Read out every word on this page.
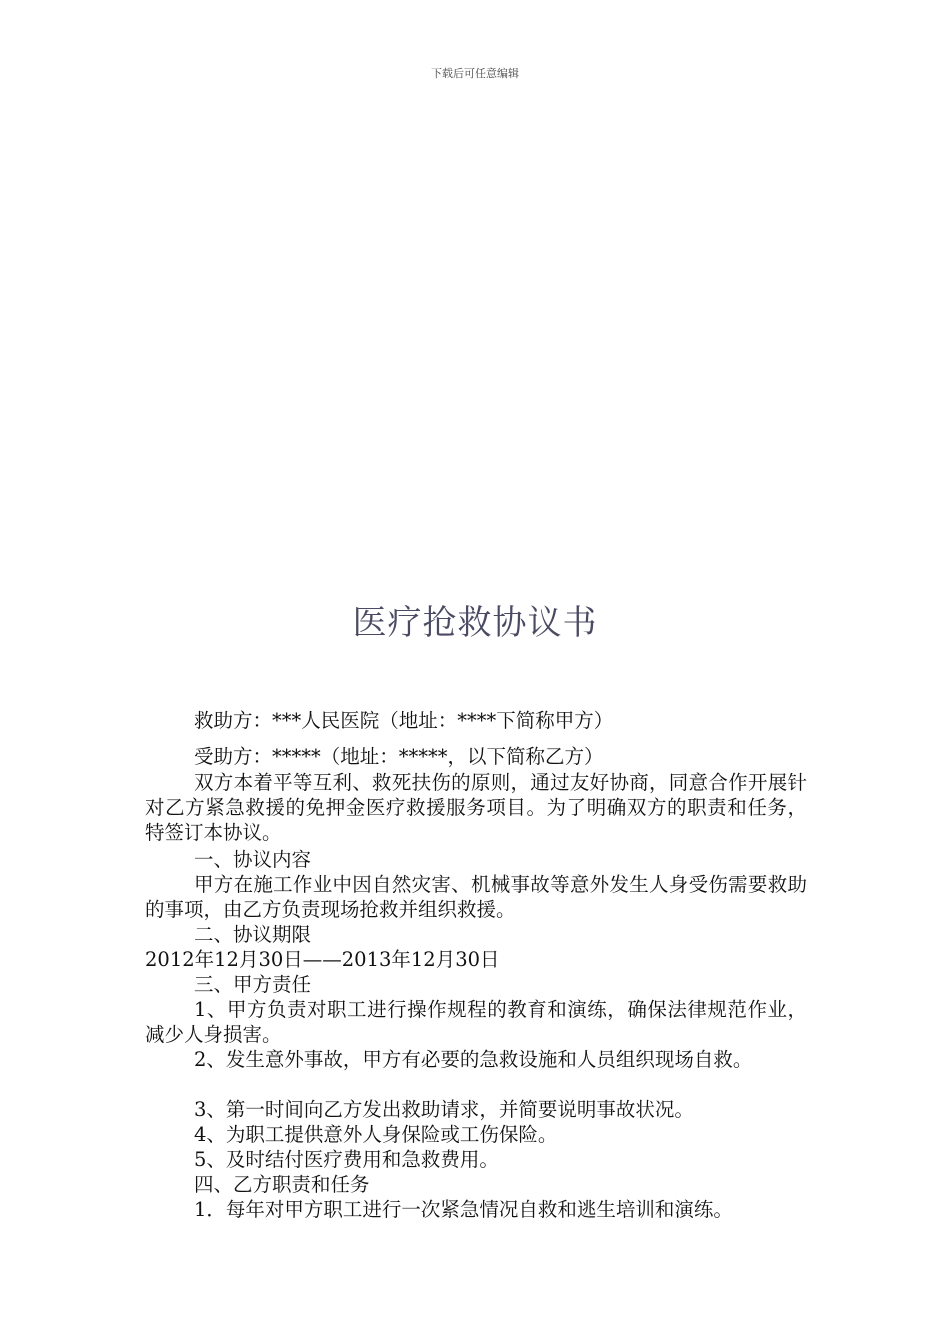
下载后可任意编辑
医疗抢救协议书
救助方：***人民医院（地址：****下简称甲方）
受助方：*****（地址：*****，以下简称乙方）
双方本着平等互利、救死扶伤的原则，通过友好协商，同意合作开展针对乙方紧急救援的免押金医疗救援服务项目。为了明确双方的职责和任务，特签订本协议。
一、协议内容
甲方在施工作业中因自然灾害、机械事故等意外发生人身受伤需要救助的事项，由乙方负责现场抢救并组织救援。
二、协议期限
2012年12月30日——2013年12月30日
三、甲方责任
1、甲方负责对职工进行操作规程的教育和演练，确保法律规范作业，减少人身损害。
2、发生意外事故，甲方有必要的急救设施和人员组织现场自救。
3、第一时间向乙方发出救助请求，并简要说明事故状况。
4、为职工提供意外人身保险或工伤保险。
5、及时结付医疗费用和急救费用。
四、乙方职责和任务
1．每年对甲方职工进行一次紧急情况自救和逃生培训和演练。
